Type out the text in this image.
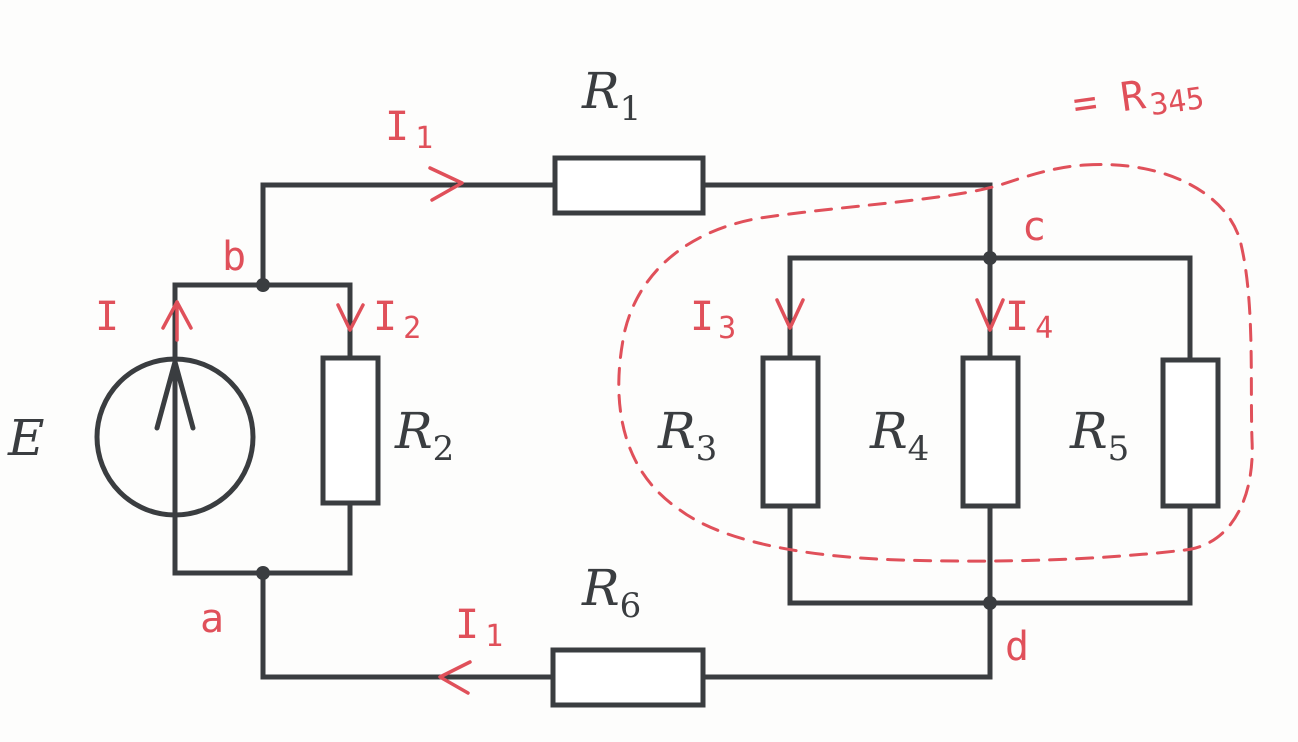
E
$R_1$
$R_2$	$R_3$	$R_4$	$R_5$
$R_6$
b
a
c
d
I
I $_1$
I $_2$	I $_3$	I $_4$
I $_1$
= $R_{345}$
